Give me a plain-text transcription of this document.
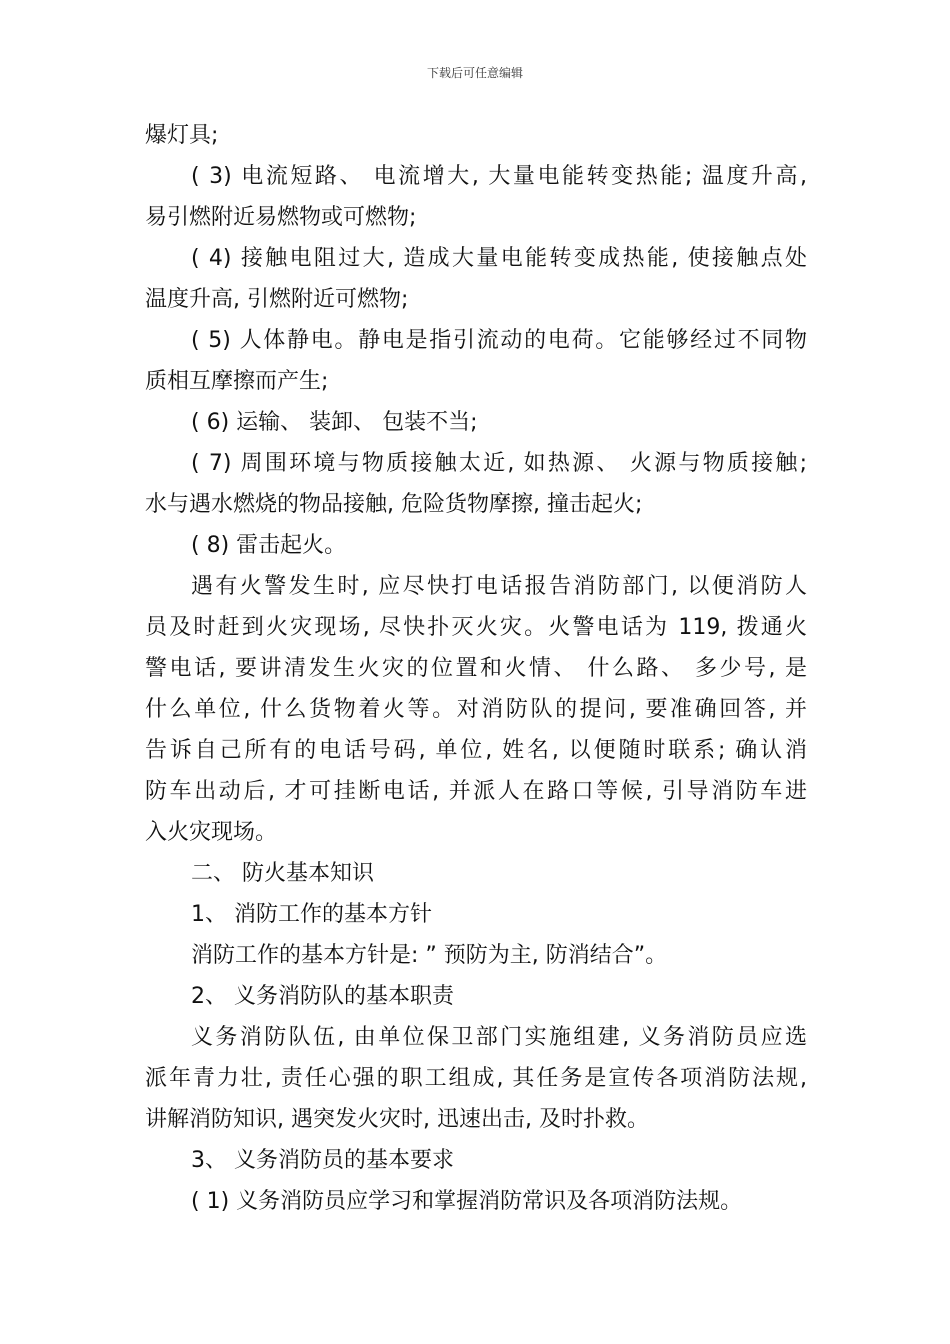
下载后可任意编辑
爆灯具;
( 3) 电流短路、 电流增大, 大量电能转变热能; 温度升高,
易引燃附近易燃物或可燃物;
( 4) 接触电阻过大, 造成大量电能转变成热能, 使接触点处
温度升高, 引燃附近可燃物;
( 5) 人体静电。静电是指引流动的电荷。它能够经过不同物
质相互摩擦而产生;
( 6) 运输、 装卸、 包装不当;
( 7) 周围环境与物质接触太近, 如热源、 火源与物质接触;
水与遇水燃烧的物品接触, 危险货物摩擦, 撞击起火;
( 8) 雷击起火。
遇有火警发生时, 应尽快打电话报告消防部门, 以便消防人
员及时赶到火灾现场, 尽快扑灭火灾。火警电话为 119, 拨通火
警电话, 要讲清发生火灾的位置和火情、 什么路、 多少号, 是
什么单位, 什么货物着火等。对消防队的提问, 要准确回答, 并
告诉自己所有的电话号码, 单位, 姓名, 以便随时联系; 确认消
防车出动后, 才可挂断电话, 并派人在路口等候, 引导消防车进
入火灾现场。
二、 防火基本知识
1、 消防工作的基本方针
消防工作的基本方针是: ” 预防为主, 防消结合”。
2、 义务消防队的基本职责
义务消防队伍, 由单位保卫部门实施组建, 义务消防员应选
派年青力壮, 责任心强的职工组成, 其任务是宣传各项消防法规,
讲解消防知识, 遇突发火灾时, 迅速出击, 及时扑救。
3、 义务消防员的基本要求
( 1) 义务消防员应学习和掌握消防常识及各项消防法规。
